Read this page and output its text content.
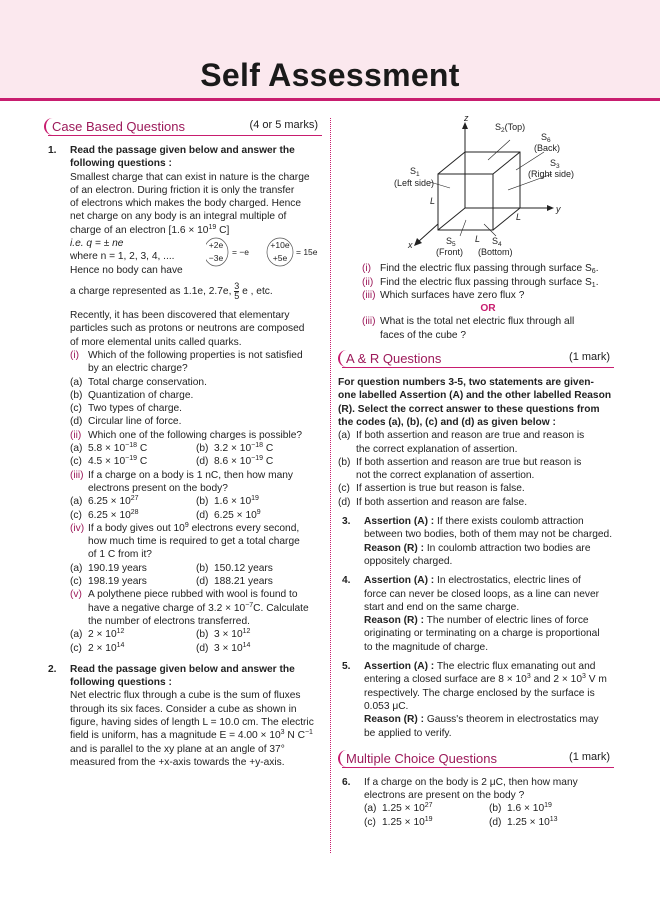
Self Assessment
Case Based Questions	(4 or 5 marks)
1. Read the passage given below and answer the

following questions :

Smallest charge that can exist in nature is the charge

of an electron. During friction it is only the transfer

of electrons which makes the body charged. Hence

net charge on any body is an integral multiple of

charge of an electron [$1.6 \times 10^{19}$ C]

i.e. q = ± ne

where n = 1, 2, 3, 4, ....

Hence no body can have

+2e
−3e
= −e
+10e
+5e
= 15e

a charge represented as 1.1e, 2.7e, $\frac{3}{5}$ e , etc.

Recently, it has been discovered that elementary

particles such as protons or neutrons are composed

of more elemental units called quarks.

(i) Which of the following properties is not satisfied

by an electric charge?

(a) Total charge conservation.
(b) Quantization of charge.
(c) Two types of charge.
(d) Circular line of force.
(ii) Which one of the following charges is possible?

(a) $5.8 \times 10^{-18}$ C	(b) $3.2 \times 10^{-18}$ C
(c) $4.5 \times 10^{-19}$ C	(d) $8.6 \times 10^{-19}$ C
(iii) If a charge on a body is 1 nC, then how many

electrons present on the body?

(a) $6.25 \times 10^{27}$	(b) $1.6 \times 10^{19}$
(c) $6.25 \times 10^{28}$	(d) $6.25 \times 10^9$
(iv) If a body gives out $10^9$ electrons every second,

how much time is required to get a total charge

of 1 C from it?

(a) 190.19 years	(b) 150.12 years
(c) 198.19 years	(d) 188.21 years
(v) A polythene piece rubbed with wool is found to

have a negative charge of $3.2 \times 10^{-7}C$. Calculate

the number of electrons transferred.

(a) $2 \times 10^{12}$	(b) $3 \times 10^{12}$
(c) $2 \times 10^{14}$	(d) $3 \times 10^{14}$
2. Read the passage given below and answer the

following questions :

Net electric flux through a cube is the sum of fluxes

through its six faces. Consider a cube as shown in

figure, having sides of length L = 10.0 cm. The electric

field is uniform, has a magnitude $E = 4.00 \times 10^3$ N $C^{-1}$

and is parallel to the xy plane at an angle of 37°

measured from the +x-axis towards the +y-axis.

z
y
x
L
L
L
$S_1$
(Left side)
$S_2(Top)$
$S_6$
(Back)
$S_3$
(Right side)
$S_5$
(Front)
$S_4$
(Bottom)
(i) Find the electric flux passing through surface $S_6$.
(ii) Find the electric flux passing through surface $S_1$.
(iii) Which surfaces have zero flux ?

OR

(iii) What is the total net electric flux through all

faces of the cube ?

A & R Questions	(1 mark)

For question numbers 3-5, two statements are given-

one labelled Assertion (A) and the other labelled Reason

(R). Select the correct answer to these questions from

the codes (a), (b), (c) and (d) as given below :

(a) If both assertion and reason are true and reason is

the correct explanation of assertion.

(b) If both assertion and reason are true but reason is

not the correct explanation of assertion.

(c) If assertion is true but reason is false.

(d) If both assertion and reason are false.

3. Assertion (A) : If there exists coulomb attraction

between two bodies, both of them may not be charged.

Reason (R) : In coulomb attraction two bodies are

oppositely charged.

4. Assertion (A) : In electrostatics, electric lines of

force can never be closed loops, as a line can never

start and end on the same charge.

Reason (R) : The number of electric lines of force

originating or terminating on a charge is proportional

to the magnitude of charge.

5. Assertion (A) : The electric flux emanating out and

entering a closed surface are $8 \times 10^3$ and $2 \times 10^3$ V m

respectively. The charge enclosed by the surface is

0.053 μC.

Reason (R) : Gauss's theorem in electrostatics may

be applied to verify.

Multiple Choice Questions	(1 mark)
6. If a charge on the body is 2 μC, then how many

electrons are present on the body ?

(a) $1.25 \times 10^{27}$	(b) $1.6 \times 10^{19}$
(c) $1.25 \times 10^{19}$	(d) $1.25 \times 10^{13}$
